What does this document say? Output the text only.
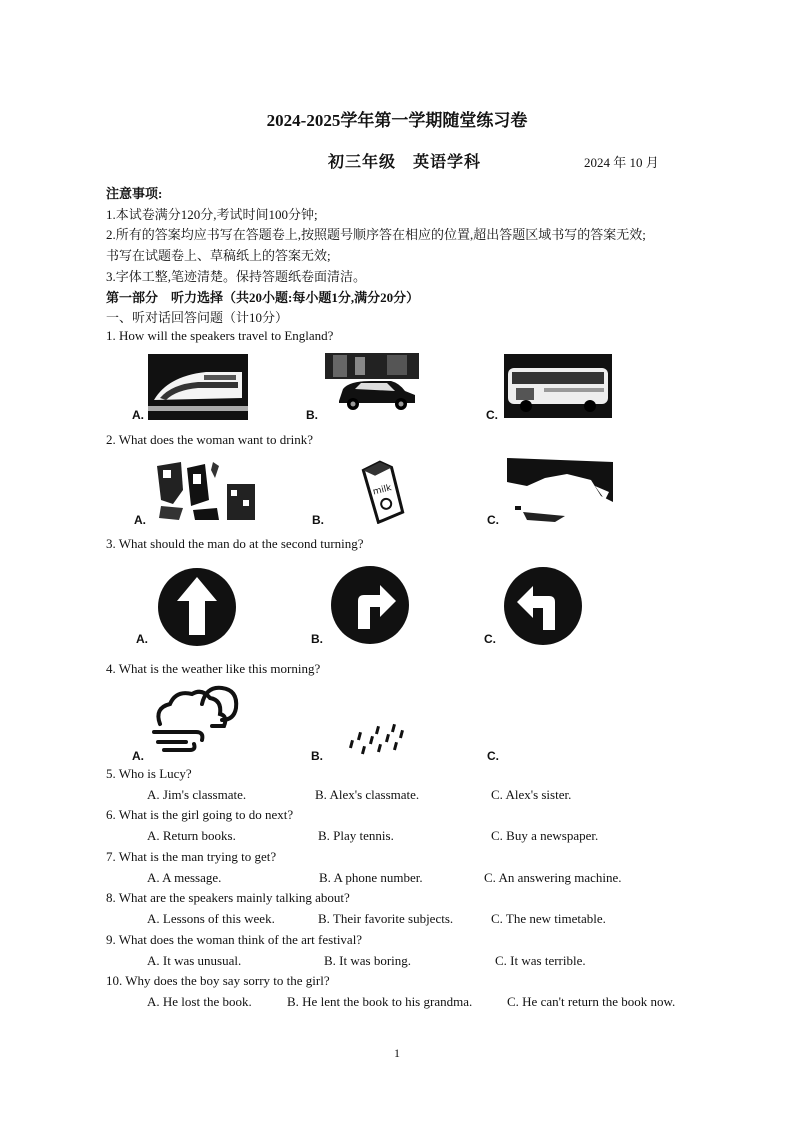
2024-2025学年第一学期随堂练习卷
初三年级　英语学科	2024 年 10 月
注意事项:
1.本试卷满分120分,考试时间100分钟;
2.所有的答案均应书写在答题卷上,按照题号顺序答在相应的位置,超出答题区域书写的答案无效;
书写在试题卷上、草稿纸上的答案无效;
3.字体工整,笔迹清楚。保持答题纸卷面清洁。
第一部分　听力选择（共20小题:每小题1分,满分20分）
一、听对话回答问题（计10分）
1. How will the speakers travel to England?
A.	B.	C.
2. What does the woman want to drink?
A.
milk
B.	C.
3. What should the man do at the second turning?
A.	B.	C.
4. What is the weather like this morning?
A.	B.	C.
5. Who is Lucy?
A. Jim's classmate.	B. Alex's classmate.	C. Alex's sister.
6. What is the girl going to do next?
A. Return books.	B. Play tennis.	C. Buy a newspaper.
7. What is the man trying to get?
A. A message.	B. A phone number.	C. An answering machine.
8. What are the speakers mainly talking about?
A. Lessons of this week.	B. Their favorite subjects.	C. The new timetable.
9. What does the woman think of the art festival?
A. It was unusual.	B. It was boring.	C. It was terrible.
10. Why does the boy say sorry to the girl?
A. He lost the book.	B. He lent the book to his grandma.	C. He can't return the book now.
1
